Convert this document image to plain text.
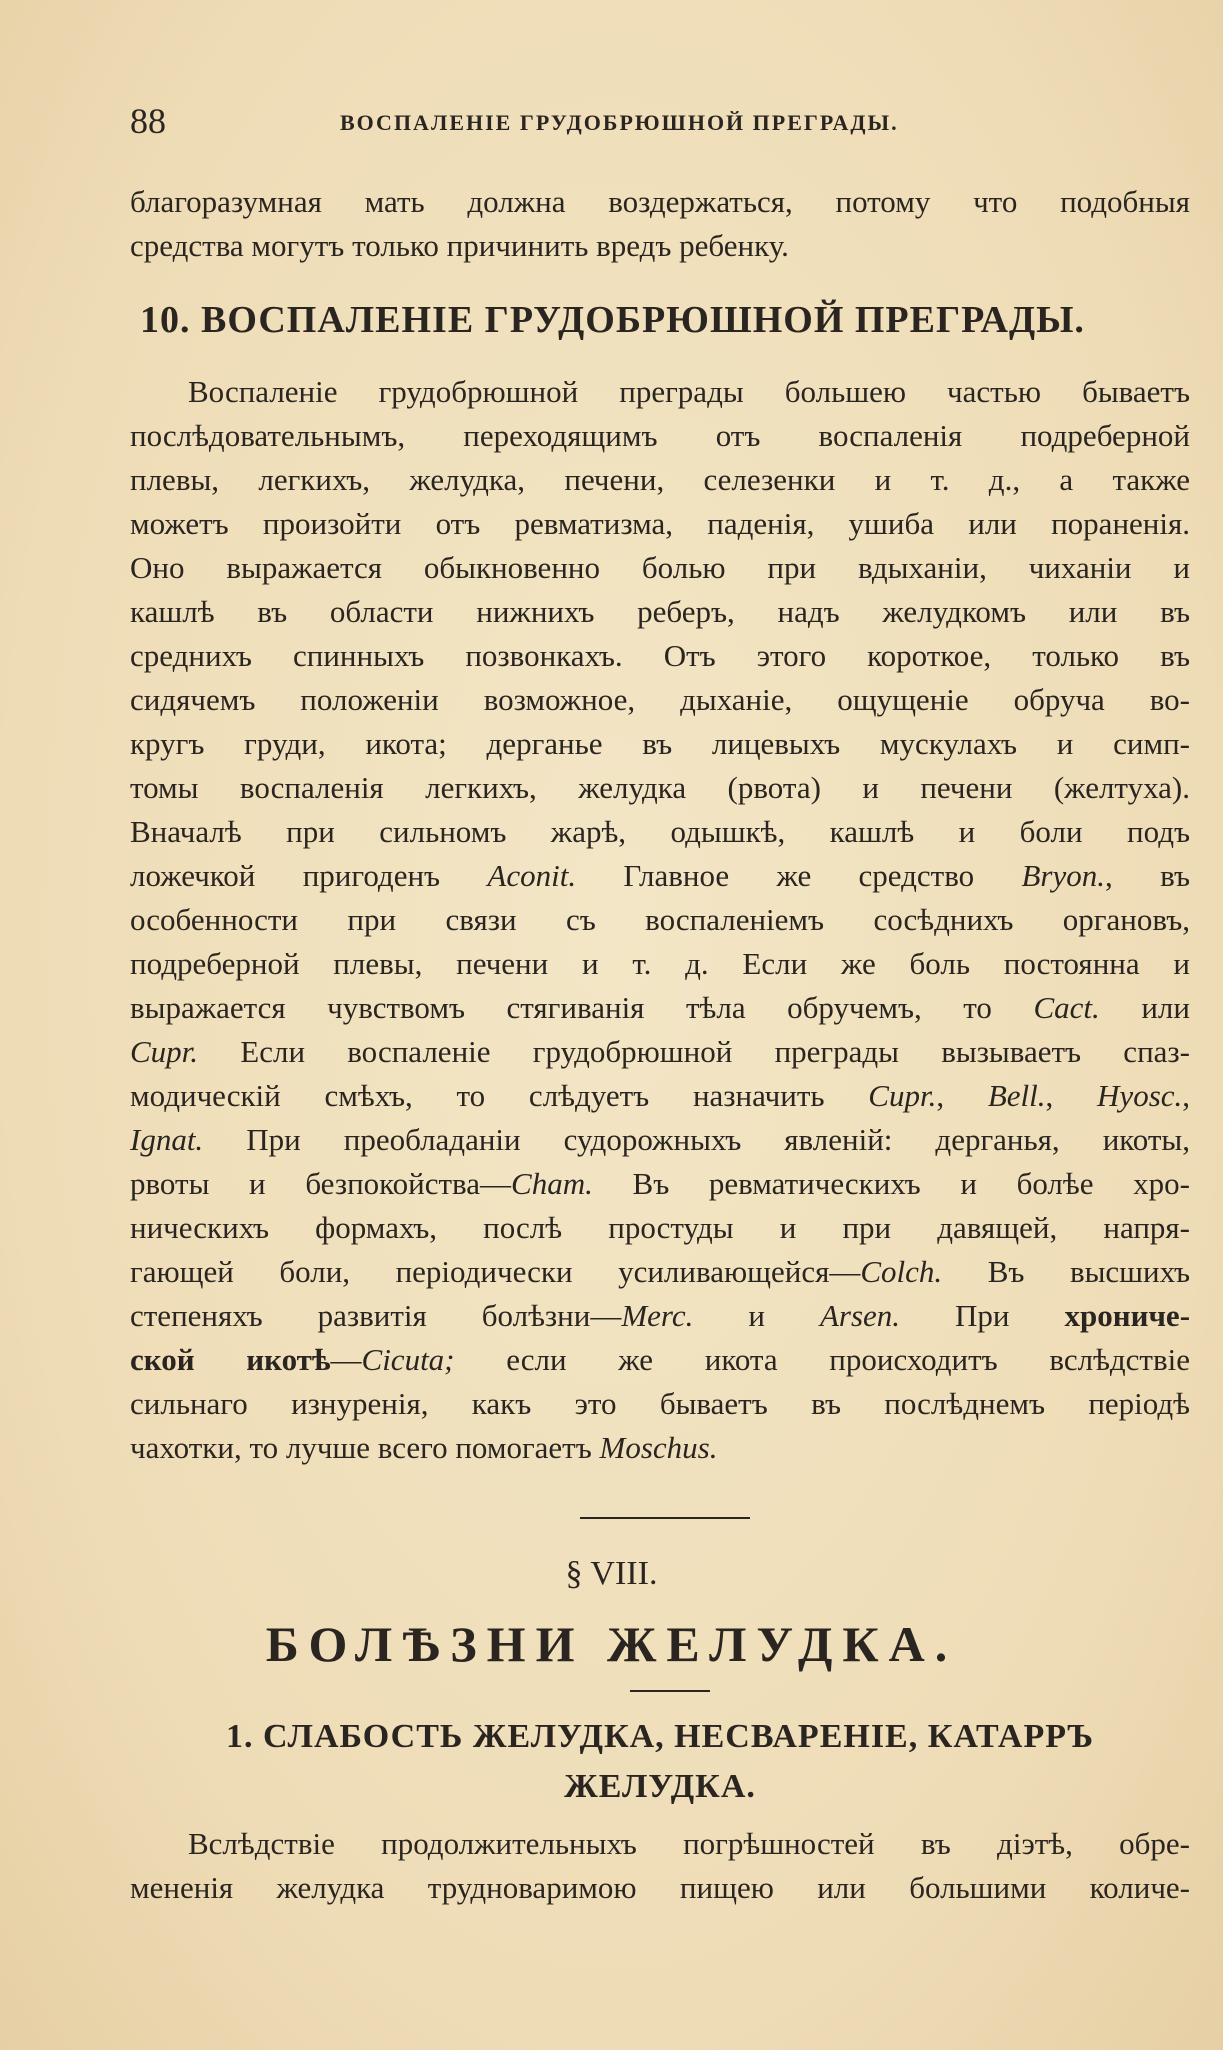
88	ВОСПАЛЕНІЕ ГРУДОБРЮШНОЙ ПРЕГРАДЫ.
благоразумная мать должна воздержаться, потому что подобныя
средства могутъ только причинить вредъ ребенку.
10. ВОСПАЛЕНІЕ ГРУДОБРЮШНОЙ ПРЕГРАДЫ.
Воспаленіе грудобрюшной преграды большею частью бываетъ
послѣдовательнымъ, переходящимъ отъ воспаленія подреберной
плевы, легкихъ, желудка, печени, селезенки и т. д., а также
можетъ произойти отъ ревматизма, паденія, ушиба или пораненія.
Оно выражается обыкновенно болью при вдыханіи, чиханіи и
кашлѣ въ области нижнихъ реберъ, надъ желудкомъ или въ
среднихъ спинныхъ позвонкахъ. Отъ этого короткое, только въ
сидячемъ положеніи возможное, дыханіе, ощущеніе обруча во-
кругъ груди, икота; дерганье въ лицевыхъ мускулахъ и симп-
томы воспаленія легкихъ, желудка (рвота) и печени (желтуха).
Вначалѣ при сильномъ жарѣ, одышкѣ, кашлѣ и боли подъ
ложечкой пригоденъ Aconit. Главное же средство Bryon., въ
особенности при связи съ воспаленіемъ сосѣднихъ органовъ,
подреберной плевы, печени и т. д. Если же боль постоянна и
выражается чувствомъ стягиванія тѣла обручемъ, то Cact. или
Cupr. Если воспаленіе грудобрюшной преграды вызываетъ спаз-
модическій смѣхъ, то слѣдуетъ назначить Cupr., Bell., Hyosc.,
Ignat. При преобладаніи судорожныхъ явленій: дерганья, икоты,
рвоты и безпокойства—Cham. Въ ревматическихъ и болѣе хро-
ническихъ формахъ, послѣ простуды и при давящей, напря-
гающей боли, періодически усиливающейся—Colch. Въ высшихъ
степеняхъ развитія болѣзни—Merc. и Arsen. При хрониче-
ской икотѣ—Cicuta; если же икота происходитъ вслѣдствіе
сильнаго изнуренія, какъ это бываетъ въ послѣднемъ періодѣ
чахотки, то лучше всего помогаетъ Moschus.
§ VIII.
БОЛѢЗНИ ЖЕЛУДКА.
1. СЛАБОСТЬ ЖЕЛУДКА, НЕСВАРЕНІЕ, КАТАРРЪ
ЖЕЛУДКА.
Вслѣдствіе продолжительныхъ погрѣшностей въ діэтѣ, обре-
мененія желудка трудноваримою пищею или большими количе-
